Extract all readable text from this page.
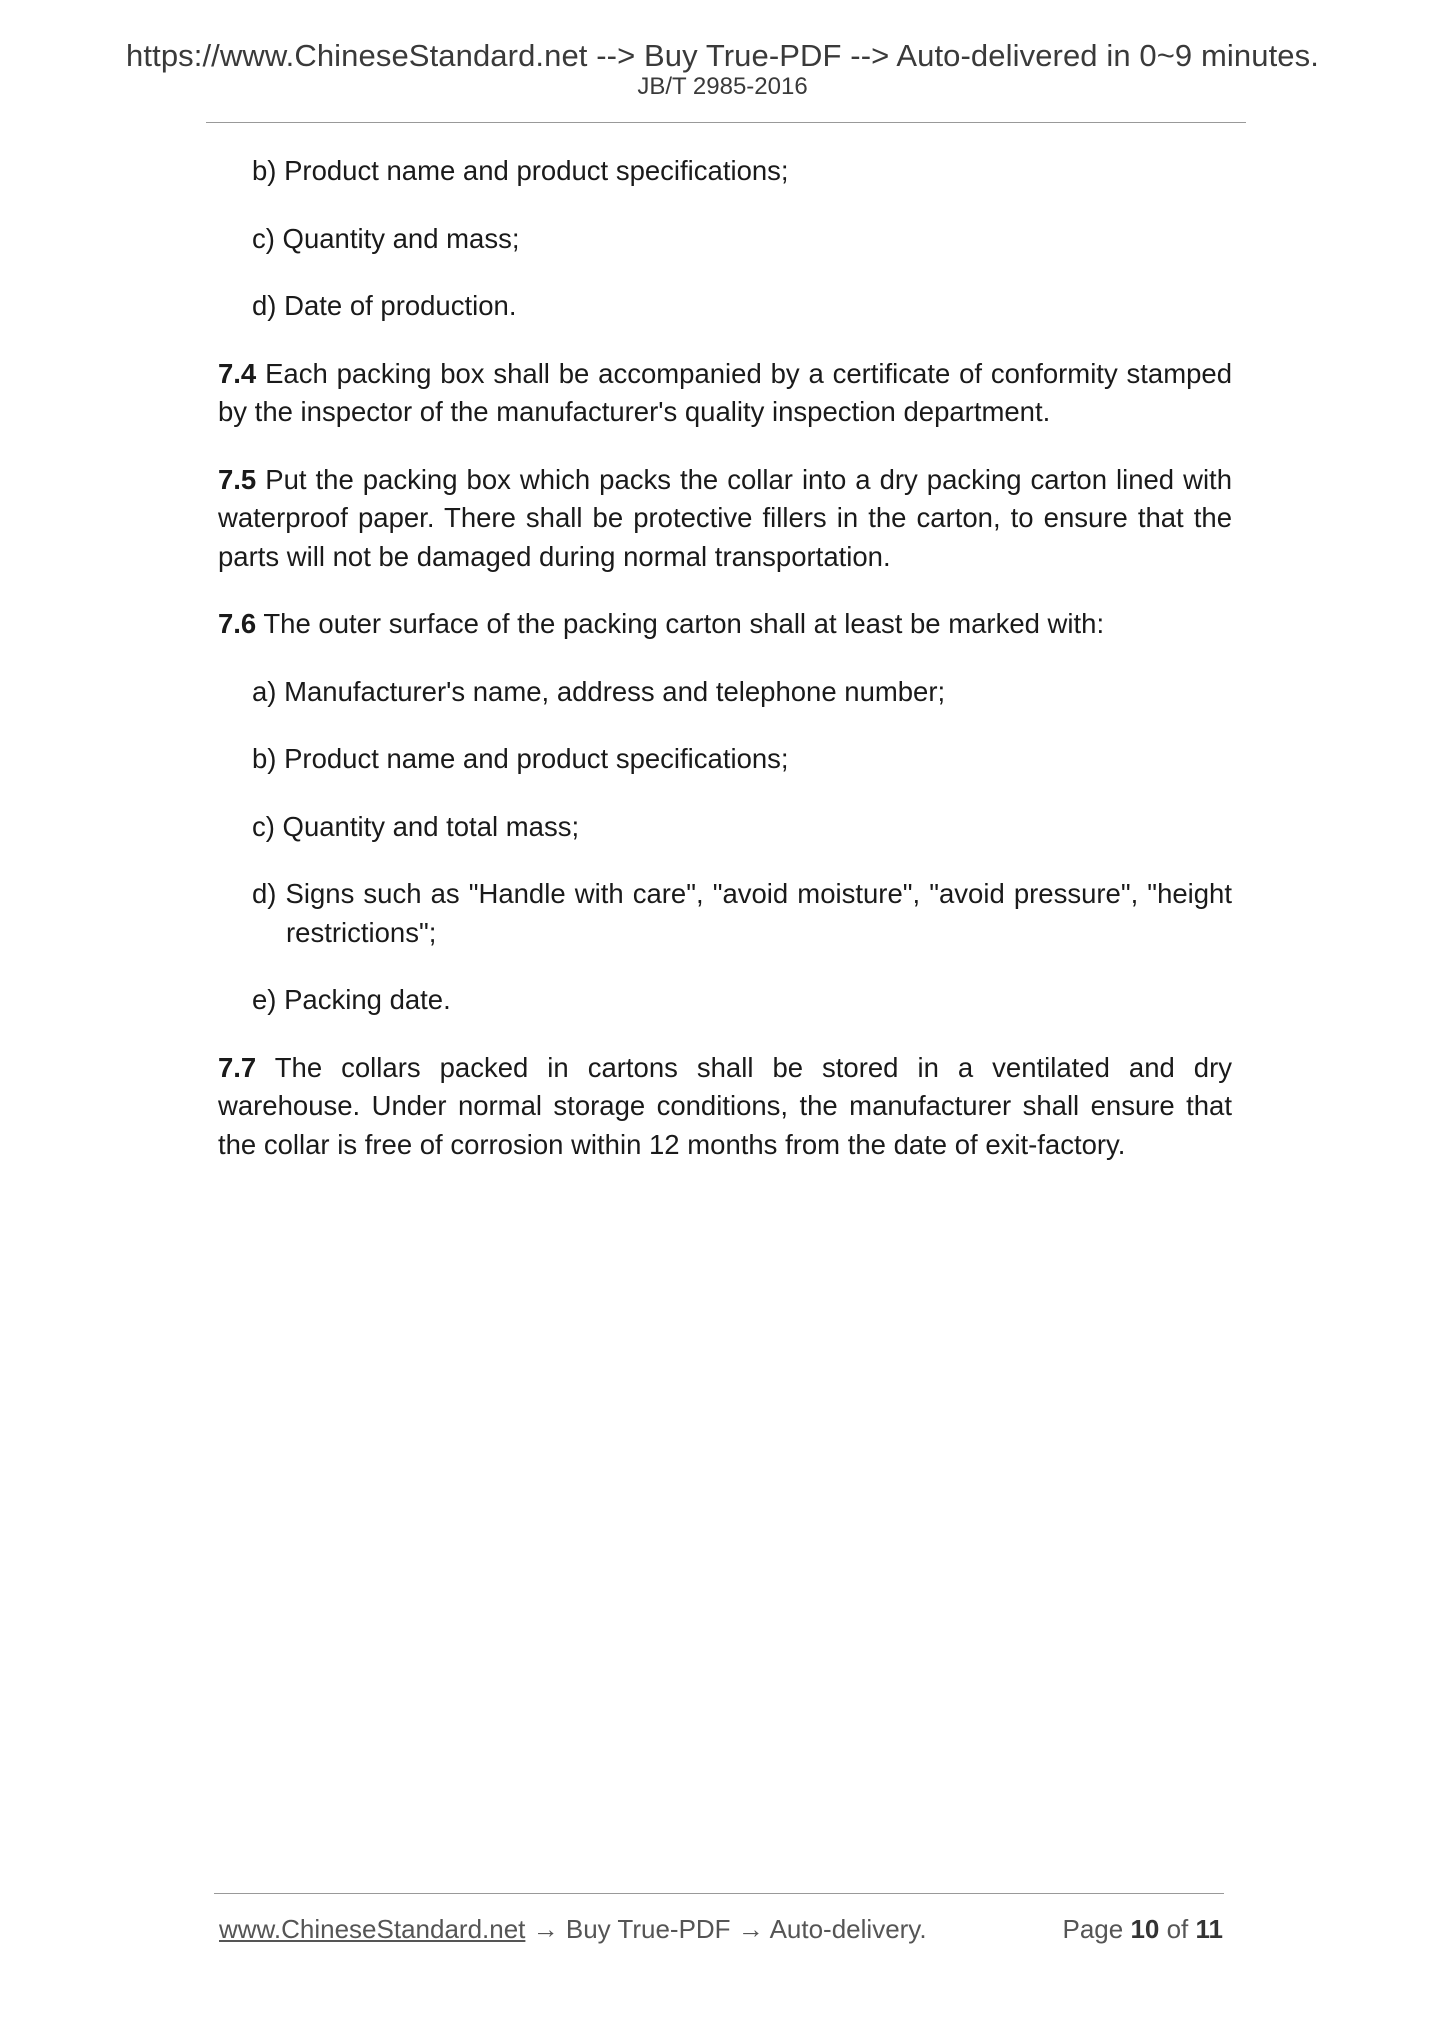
https://www.ChineseStandard.net --> Buy True-PDF --> Auto-delivered in 0~9 minutes.
JB/T 2985-2016

b) Product name and product specifications;

c) Quantity and mass;

d) Date of production.

7.4 Each packing box shall be accompanied by a certificate of conformity stamped by the inspector of the manufacturer's quality inspection department.

7.5 Put the packing box which packs the collar into a dry packing carton lined with waterproof paper. There shall be protective fillers in the carton, to ensure that the parts will not be damaged during normal transportation.

7.6 The outer surface of the packing carton shall at least be marked with:

a) Manufacturer's name, address and telephone number;

b) Product name and product specifications;

c) Quantity and total mass;

d) Signs such as "Handle with care", "avoid moisture", "avoid pressure", "height restrictions";

e) Packing date.

7.7 The collars packed in cartons shall be stored in a ventilated and dry warehouse. Under normal storage conditions, the manufacturer shall ensure that the collar is free of corrosion within 12 months from the date of exit-factory.

www.ChineseStandard.net → Buy True-PDF → Auto-delivery.	Page 10 of 11
